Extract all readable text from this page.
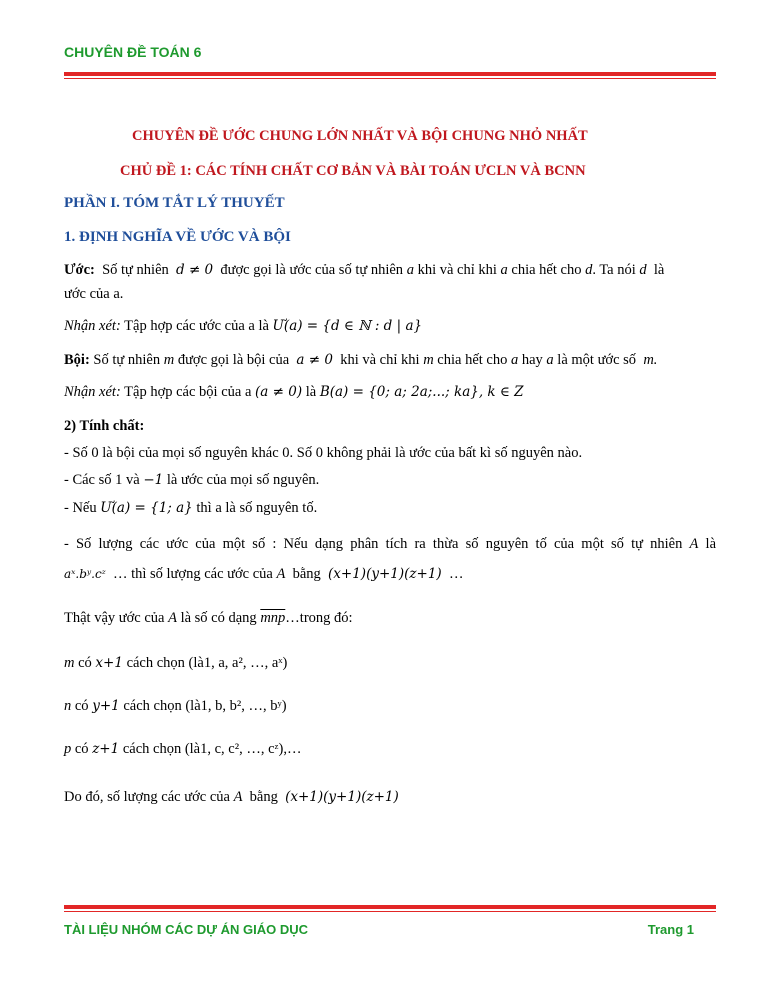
CHUYÊN ĐỀ TOÁN 6
CHUYÊN ĐỀ ƯỚC CHUNG LỚN NHẤT VÀ BỘI CHUNG NHỎ NHẤT
CHỦ ĐỀ 1: CÁC TÍNH CHẤT CƠ BẢN VÀ BÀI TOÁN ƯCLN VÀ BCNN
PHẦN I. TÓM TẮT LÝ THUYẾT
1. ĐỊNH NGHĨA VỀ ƯỚC VÀ BỘI
Ước: Số tự nhiên d ≠ 0 được gọi là ước của số tự nhiên a khi và chỉ khi a chia hết cho d. Ta nói d là
ước của a.
Nhận xét: Tập hợp các ước của a là Ư(a) = {d ∈ ℕ : d | a}
Bội: Số tự nhiên m được gọi là bội của a ≠ 0 khi và chỉ khi m chia hết cho a hay a là một ước số m.
Nhận xét: Tập hợp các bội của a (a ≠ 0) là B(a) = {0; a; 2a;...; ka}, k ∈ Z
2) Tính chất:
- Số 0 là bội của mọi số nguyên khác 0. Số 0 không phải là ước của bất kì số nguyên nào.
- Các số 1 và −1 là ước của mọi số nguyên.
- Nếu Ư(a) = {1; a} thì a là số nguyên tố.
- Số lượng các ước của một số : Nếu dạng phân tích ra thừa số nguyên tố của một số tự nhiên A là
aˣ.bʸ.cᶻ … thì số lượng các ước của A bằng (x+1)(y+1)(z+1) …
Thật vậy ước của A là số có dạng $\overline{mnp}\dots trong$ đó:
m có x+1 cách chọn (là1, a, a², …, aˣ)
n có y+1 cách chọn (là1, b, b², …, bʸ)
p có z+1 cách chọn (là1, c, c², …, cᶻ),…
Do đó, số lượng các ước của A bằng (x+1)(y+1)(z+1)
TÀI LIỆU NHÓM CÁC DỰ ÁN GIÁO DỤC	Trang 1
